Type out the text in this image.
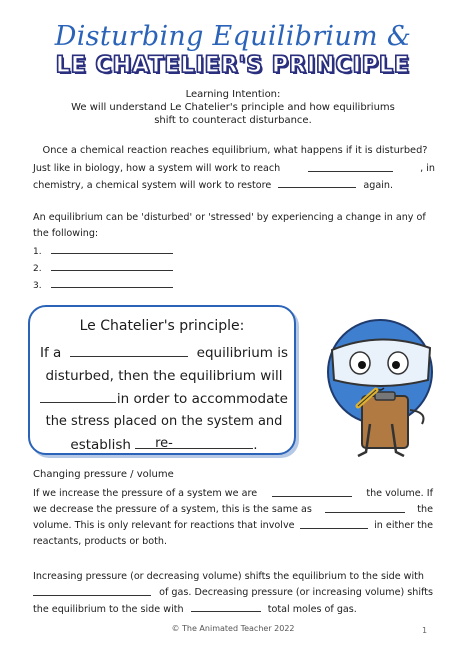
Disturbing Equilibrium &
LE CHATELIER'S PRINCIPLE
Learning Intention:
We will understand Le Chatelier's principle and how equilibriums shift to counteract disturbance.
Once a chemical reaction reaches equilibrium, what happens if it is disturbed?
Just like in biology, how a system will work to reach	, in
chemistry, a chemical system will work to restore	again.
An equilibrium can be 'disturbed' or 'stressed' by experiencing a change in any of the following:
1.
2.
3.
Le Chatelier's principle:
If a	equilibrium is
disturbed, then the equilibrium will
in order to accommodate
the stress placed on the system and re-
establish	.
Changing pressure / volume
If we increase the pressure of a system we are	the volume. If
we decrease the pressure of a system, this is the same as	the
volume. This is only relevant for reactions that involve	in either the
reactants, products or both.
Increasing pressure (or decreasing volume) shifts the equilibrium to the side with
of gas. Decreasing pressure (or increasing volume) shifts
the equilibrium to the side with	total moles of gas.
© The Animated Teacher 2022	1
